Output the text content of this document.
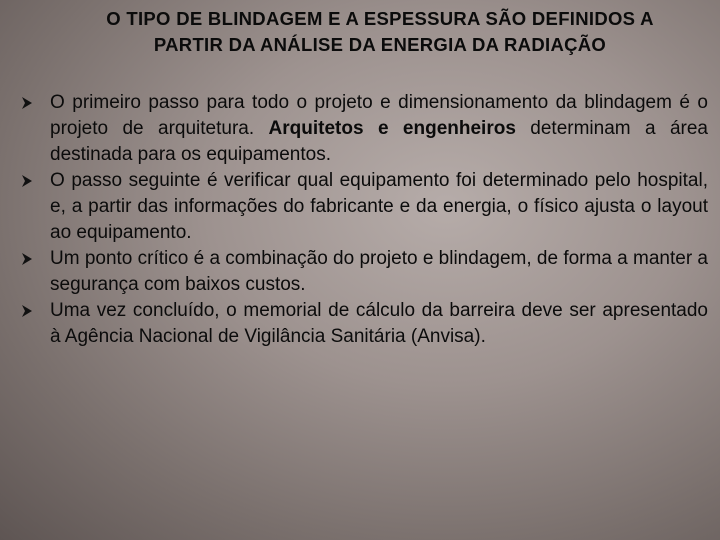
O TIPO DE BLINDAGEM E A ESPESSURA SÃO DEFINIDOS A PARTIR DA ANÁLISE DA ENERGIA DA RADIAÇÃO
O primeiro passo para todo o projeto e dimensionamento da blindagem é o projeto de arquitetura. Arquitetos e engenheiros determinam a área destinada para os equipamentos.
O passo seguinte é verificar qual equipamento foi determinado pelo hospital, e, a partir das informações do fabricante e da energia, o físico ajusta o layout ao equipamento.
Um ponto crítico é a combinação do projeto e blindagem, de forma a manter a segurança com baixos custos.
Uma vez concluído, o memorial de cálculo da barreira deve ser apresentado à Agência Nacional de Vigilância Sanitária (Anvisa).
